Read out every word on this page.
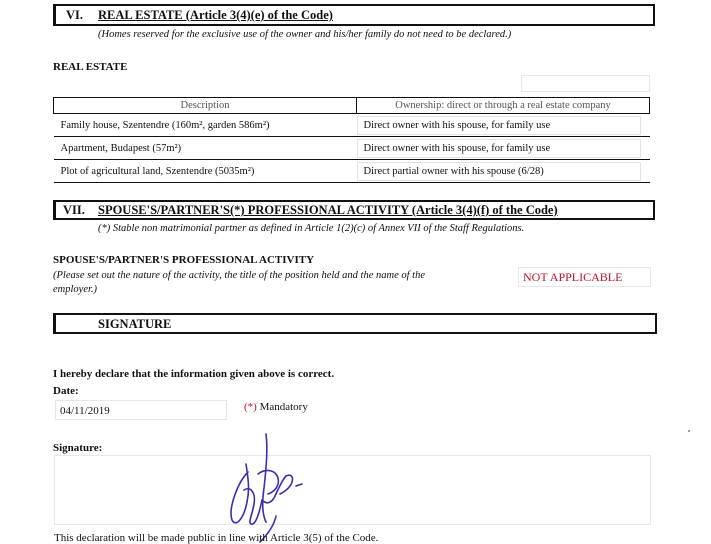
VI. REAL ESTATE (Article 3(4)(e) of the Code)
(Homes reserved for the exclusive use of the owner and his/her family do not need to be declared.)
REAL ESTATE
Description	Ownership: direct or through a real estate company
Family house, Szentendre (160m², garden 586m²)	Direct owner with his spouse, for family use
Apartment, Budapest (57m²)	Direct owner with his spouse, for family use
Plot of agricultural land, Szentendre (5035m²)	Direct partial owner with his spouse (6/28)
VII. SPOUSE'S/PARTNER'S(*) PROFESSIONAL ACTIVITY (Article 3(4)(f) of the Code)
(*) Stable non matrimonial partner as defined in Article 1(2)(c) of Annex VII of the Staff Regulations.
SPOUSE'S/PARTNER'S PROFESSIONAL ACTIVITY
(Please set out the nature of the activity, the title of the position held and the name of the
employer.)
NOT APPLICABLE
SIGNATURE
I hereby declare that the information given above is correct.
Date:
04/11/2019	(*) Mandatory
Signature:
This declaration will be made public in line with Article 3(5) of the Code.
